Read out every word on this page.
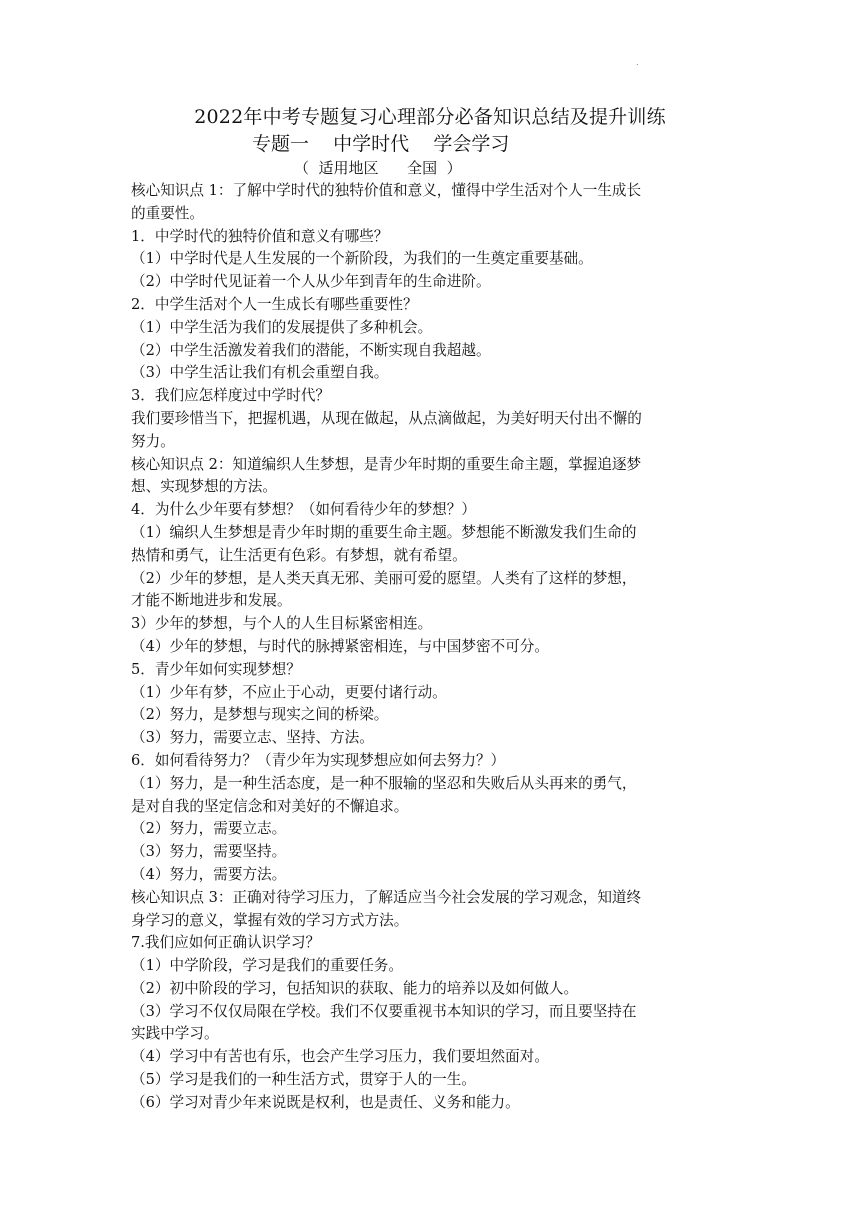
.
2022年中考专题复习心理部分必备知识总结及提升训练
专题一    中学时代    学会学习
（  适用地区      全国  ）
核心知识点 1：了解中学时代的独特价值和意义，懂得中学生活对个人一生成长
的重要性。
1．中学时代的独特价值和意义有哪些？
（1）中学时代是人生发展的一个新阶段，为我们的一生奠定重要基础。
（2）中学时代见证着一个人从少年到青年的生命进阶。
2．中学生活对个人一生成长有哪些重要性？
（1）中学生活为我们的发展提供了多种机会。
（2）中学生活激发着我们的潜能，不断实现自我超越。
（3）中学生活让我们有机会重塑自我。
3．我们应怎样度过中学时代？
我们要珍惜当下，把握机遇，从现在做起，从点滴做起，为美好明天付出不懈的
努力。
核心知识点 2：知道编织人生梦想，是青少年时期的重要生命主题，掌握追逐梦
想、实现梦想的方法。
4．为什么少年要有梦想？（如何看待少年的梦想？）
（1）编织人生梦想是青少年时期的重要生命主题。梦想能不断激发我们生命的
热情和勇气，让生活更有色彩。有梦想，就有希望。
（2）少年的梦想，是人类天真无邪、美丽可爱的愿望。人类有了这样的梦想，
才能不断地进步和发展。
3）少年的梦想，与个人的人生目标紧密相连。
（4）少年的梦想，与时代的脉搏紧密相连，与中国梦密不可分。
5．青少年如何实现梦想？
（1）少年有梦，不应止于心动，更要付诸行动。
（2）努力，是梦想与现实之间的桥梁。
（3）努力，需要立志、坚持、方法。
6．如何看待努力？（青少年为实现梦想应如何去努力？）
（1）努力，是一种生活态度，是一种不服输的坚忍和失败后从头再来的勇气，
是对自我的坚定信念和对美好的不懈追求。
（2）努力，需要立志。
（3）努力，需要坚持。
（4）努力，需要方法。
核心知识点 3：正确对待学习压力，了解适应当今社会发展的学习观念，知道终
身学习的意义，掌握有效的学习方式方法。
7.我们应如何正确认识学习？
（1）中学阶段，学习是我们的重要任务。
（2）初中阶段的学习，包括知识的获取、能力的培养以及如何做人。
（3）学习不仅仅局限在学校。我们不仅要重视书本知识的学习，而且要坚持在
实践中学习。
（4）学习中有苦也有乐，也会产生学习压力，我们要坦然面对。
（5）学习是我们的一种生活方式，贯穿于人的一生。
（6）学习对青少年来说既是权利，也是责任、义务和能力。
